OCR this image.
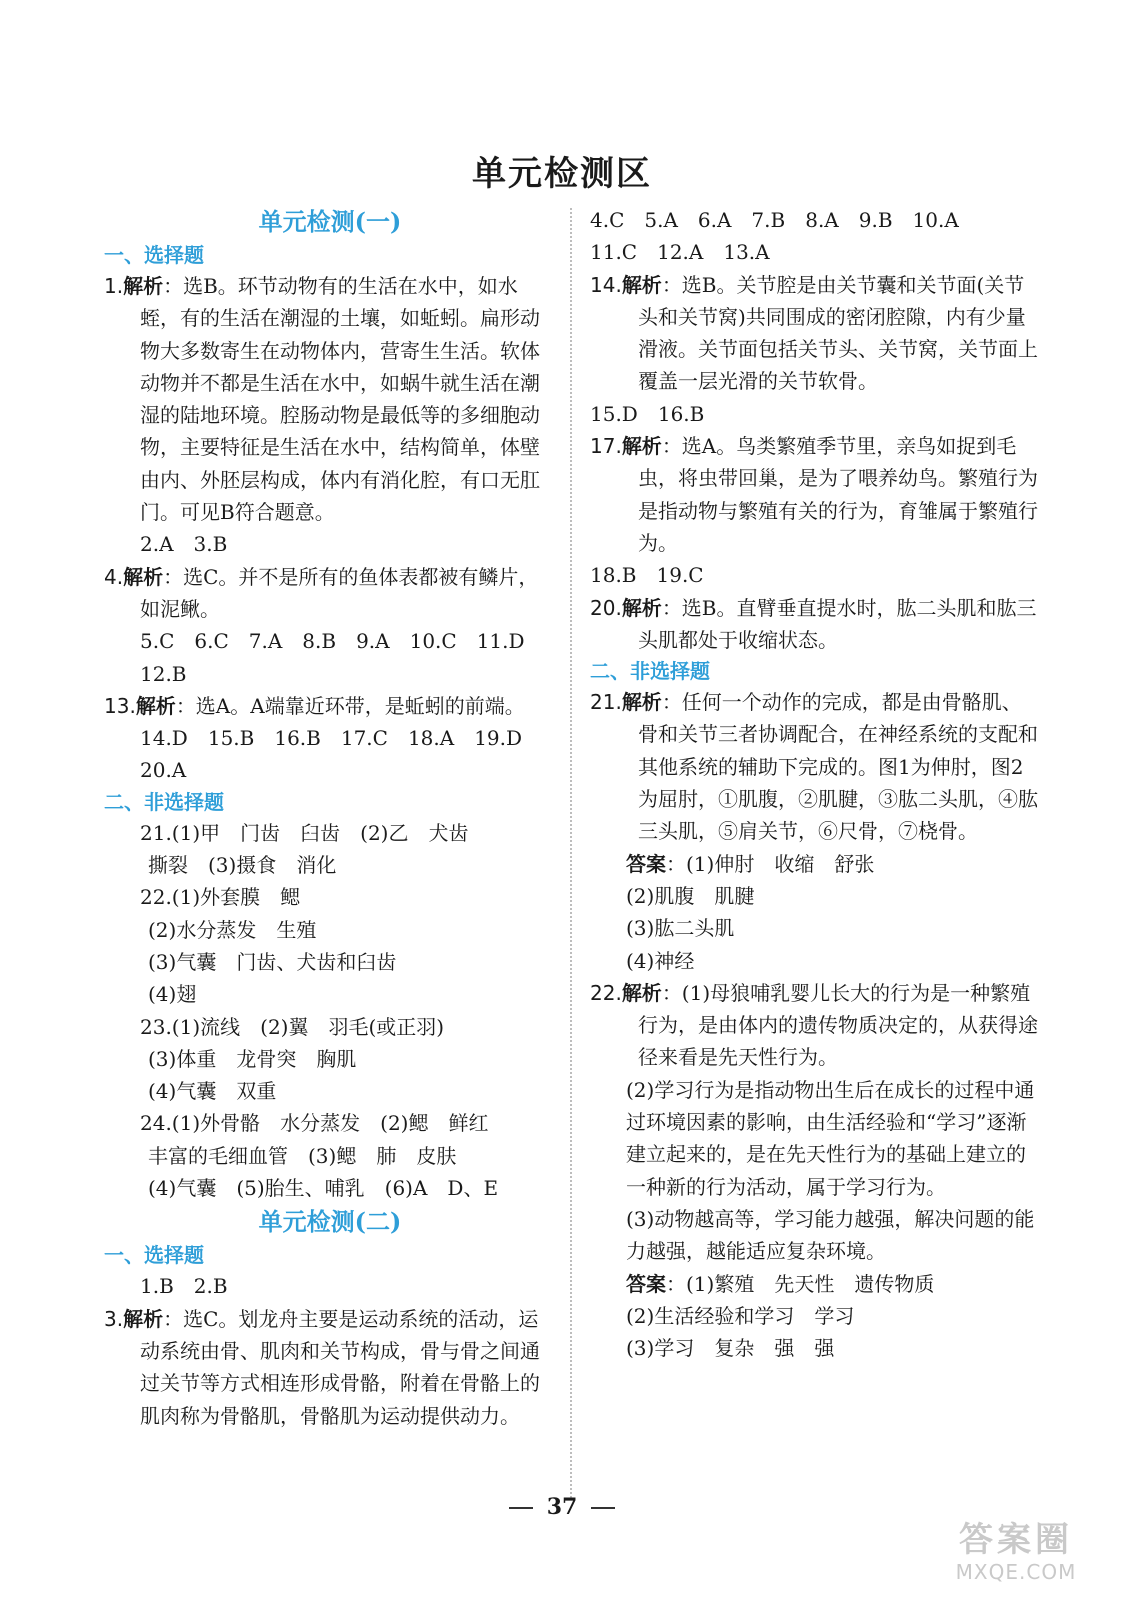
单元检测区
单元检测(一)
一、选择题

1.解析：选B。环节动物有的生活在水中，如水蛭，有的生活在潮湿的土壤，如蚯蚓。扁形动物大多数寄生在动物体内，营寄生生活。软体动物并不都是生活在水中，如蜗牛就生活在潮湿的陆地环境。腔肠动物是最低等的多细胞动物，主要特征是生活在水中，结构简单，体壁由内、外胚层构成，体内有消化腔，有口无肛门。可见B符合题意。

2.A　3.B

4.解析：选C。并不是所有的鱼体表都被有鳞片，如泥鳅。

5.C　6.C　7.A　8.B　9.A　10.C　11.D

12.B

13.解析：选A。A端靠近环带，是蚯蚓的前端。

14.D　15.B　16.B　17.C　18.A　19.D

20.A

二、非选择题

21.(1)甲　门齿　臼齿　(2)乙　犬齿

撕裂　(3)摄食　消化

22.(1)外套膜　鳃

(2)水分蒸发　生殖

(3)气囊　门齿、犬齿和臼齿

(4)翅

23.(1)流线　(2)翼　羽毛(或正羽)

(3)体重　龙骨突　胸肌

(4)气囊　双重

24.(1)外骨骼　水分蒸发　(2)鳃　鲜红

丰富的毛细血管　(3)鳃　肺　皮肤

(4)气囊　(5)胎生、哺乳　(6)A　D、E

单元检测(二)
一、选择题

1.B　2.B

3.解析：选C。划龙舟主要是运动系统的活动，运动系统由骨、肌肉和关节构成，骨与骨之间通过关节等方式相连形成骨骼，附着在骨骼上的肌肉称为骨骼肌，骨骼肌为运动提供动力。

4.C　5.A　6.A　7.B　8.A　9.B　10.A

11.C　12.A　13.A

14.解析：选B。关节腔是由关节囊和关节面(关节头和关节窝)共同围成的密闭腔隙，内有少量滑液。关节面包括关节头、关节窝，关节面上覆盖一层光滑的关节软骨。

15.D　16.B

17.解析：选A。鸟类繁殖季节里，亲鸟如捉到毛虫，将虫带回巢，是为了喂养幼鸟。繁殖行为是指动物与繁殖有关的行为，育雏属于繁殖行为。

18.B　19.C

20.解析：选B。直臂垂直提水时，肱二头肌和肱三头肌都处于收缩状态。

二、非选择题

21.解析：任何一个动作的完成，都是由骨骼肌、骨和关节三者协调配合，在神经系统的支配和其他系统的辅助下完成的。图1为伸肘，图2为屈肘，①肌腹，②肌腱，③肱二头肌，④肱三头肌，⑤肩关节，⑥尺骨，⑦桡骨。

答案：(1)伸肘　收缩　舒张

(2)肌腹　肌腱

(3)肱二头肌

(4)神经

22.解析：(1)母狼哺乳婴儿长大的行为是一种繁殖行为，是由体内的遗传物质决定的，从获得途径来看是先天性行为。

(2)学习行为是指动物出生后在成长的过程中通过环境因素的影响，由生活经验和“学习”逐渐建立起来的，是在先天性行为的基础上建立的一种新的行为活动，属于学习行为。

(3)动物越高等，学习能力越强，解决问题的能力越强，越能适应复杂环境。

答案：(1)繁殖　先天性　遗传物质

(2)生活经验和学习　学习

(3)学习　复杂　强　强

37
答案圈
MXQE.COM
